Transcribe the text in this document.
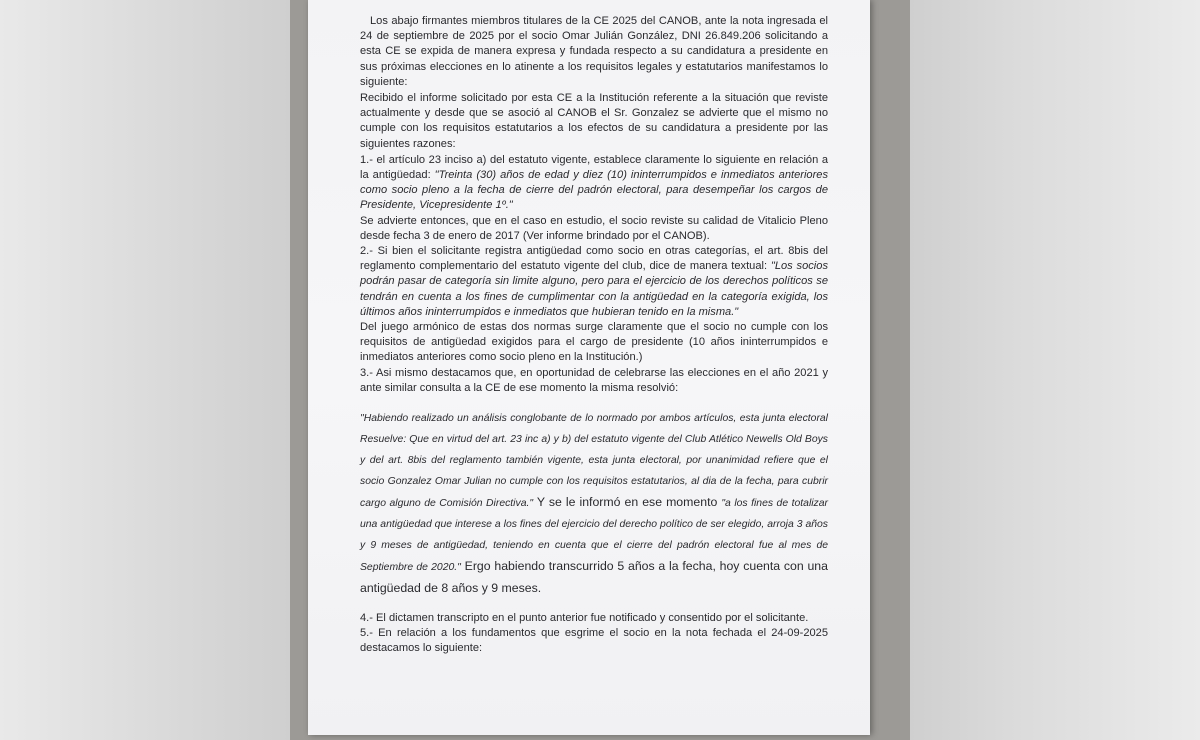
Los abajo firmantes miembros titulares de la CE 2025 del CANOB, ante la nota ingresada el 24 de septiembre de 2025 por el socio Omar Julián González, DNI 26.849.206 solicitando a esta CE se expida de manera expresa y fundada respecto a su candidatura a presidente en sus próximas elecciones en lo atinente a los requisitos legales y estatutarios manifestamos lo siguiente:

Recibido el informe solicitado por esta CE a la Institución referente a la situación que reviste actualmente y desde que se asoció al CANOB el Sr. Gonzalez se advierte que el mismo no cumple con los requisitos estatutarios a los efectos de su candidatura a presidente por las siguientes razones:

1.- el artículo 23 inciso a) del estatuto vigente, establece claramente lo siguiente en relación a la antigüedad: "Treinta (30) años de edad y diez (10) ininterrumpidos e inmediatos anteriores como socio pleno a la fecha de cierre del padrón electoral, para desempeñar los cargos de Presidente, Vicepresidente 1º."

Se advierte entonces, que en el caso en estudio, el socio reviste su calidad de Vitalicio Pleno desde fecha 3 de enero de 2017 (Ver informe brindado por el CANOB).

2.- Si bien el solicitante registra antigüedad como socio en otras categorías, el art. 8bis del reglamento complementario del estatuto vigente del club, dice de manera textual: "Los socios podrán pasar de categoría sin limite alguno, pero para el ejercicio de los derechos políticos se tendrán en cuenta a los fines de cumplimentar con la antigüedad en la categoría exigida, los últimos años ininterrumpidos e inmediatos que hubieran tenido en la misma."

Del juego armónico de estas dos normas surge claramente que el socio no cumple con los requisitos de antigüedad exigidos para el cargo de presidente (10 años ininterrumpidos e inmediatos anteriores como socio pleno en la Institución.)

3.- Asi mismo destacamos que, en oportunidad de celebrarse las elecciones en el año 2021 y ante similar consulta a la CE de ese momento la misma resolvió:

"Habiendo realizado un análisis conglobante de lo normado por ambos artículos, esta junta electoral Resuelve: Que en virtud del art. 23 inc a) y b) del estatuto vigente del Club Atlético Newells Old Boys y del art. 8bis del reglamento también vigente, esta junta electoral, por unanimidad refiere que el socio Gonzalez Omar Julian no cumple con los requisitos estatutarios, al dia de la fecha, para cubrir cargo alguno de Comisión Directiva." Y se le informó en ese momento "a los fines de totalizar una antigüedad que interese a los fines del ejercicio del derecho político de ser elegido, arroja 3 años y 9 meses de antigüedad, teniendo en cuenta que el cierre del padrón electoral fue al mes de Septiembre de 2020." Ergo habiendo transcurrido 5 años a la fecha, hoy cuenta con una antigüedad de 8 años y 9 meses.

4.- El dictamen transcripto en el punto anterior fue notificado y consentido por el solicitante.

5.- En relación a los fundamentos que esgrime el socio en la nota fechada el 24-09-2025 destacamos lo siguiente:
